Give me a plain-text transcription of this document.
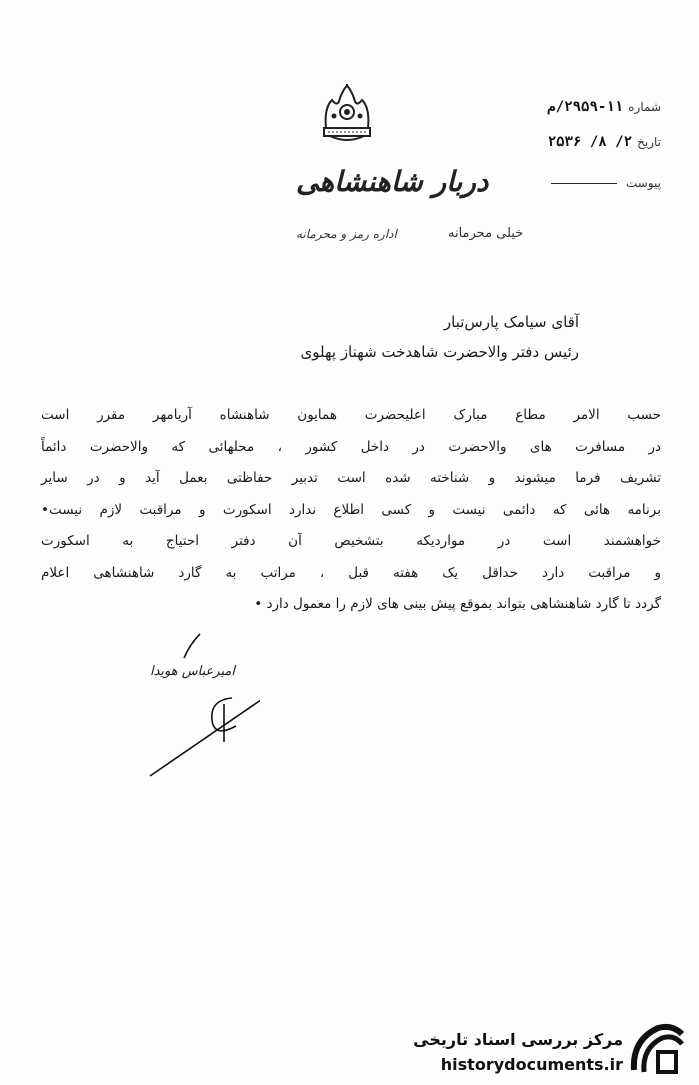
دربار شاهنشاهی
اداره رمز و محرمانه	خیلی محرمانه
شماره ۱۱-۲۹۵۹/م
تاریخ ۲/ ۸/ ۲۵۳۶
پیوست
آقای سیامک پارس‌تبار
رئیس دفتر والاحضرت شاهدخت شهناز پهلوی
حسب الامر مطاع مبارک اعلیحضرت همایون شاهنشاه آریامهر مقرر است
در مسافرت های والاحضرت در داخل کشور ، محلهائی که والاحضرت دائماً
تشریف فرما میشوند و شناخته شده است تدبیر حفاظتی بعمل آید و در سایر
برنامه هائی که دائمی نیست و کسی اطلاع ندارد اسکورت و مراقبت لازم نیست•
خواهشمند است در مواردیکه بتشخیص آن دفتر احتیاج به اسکورت
و مراقبت دارد حداقل یک هفته قبل ، مراتب به گارد شاهنشاهی اعلام
گردد تا گارد شاهنشاهی بتواند بموقع پیش بینی های لازم را معمول دارد •
امیرعباس هویدا
مرکز بررسی اسناد تاریخی
historydocuments.ir
